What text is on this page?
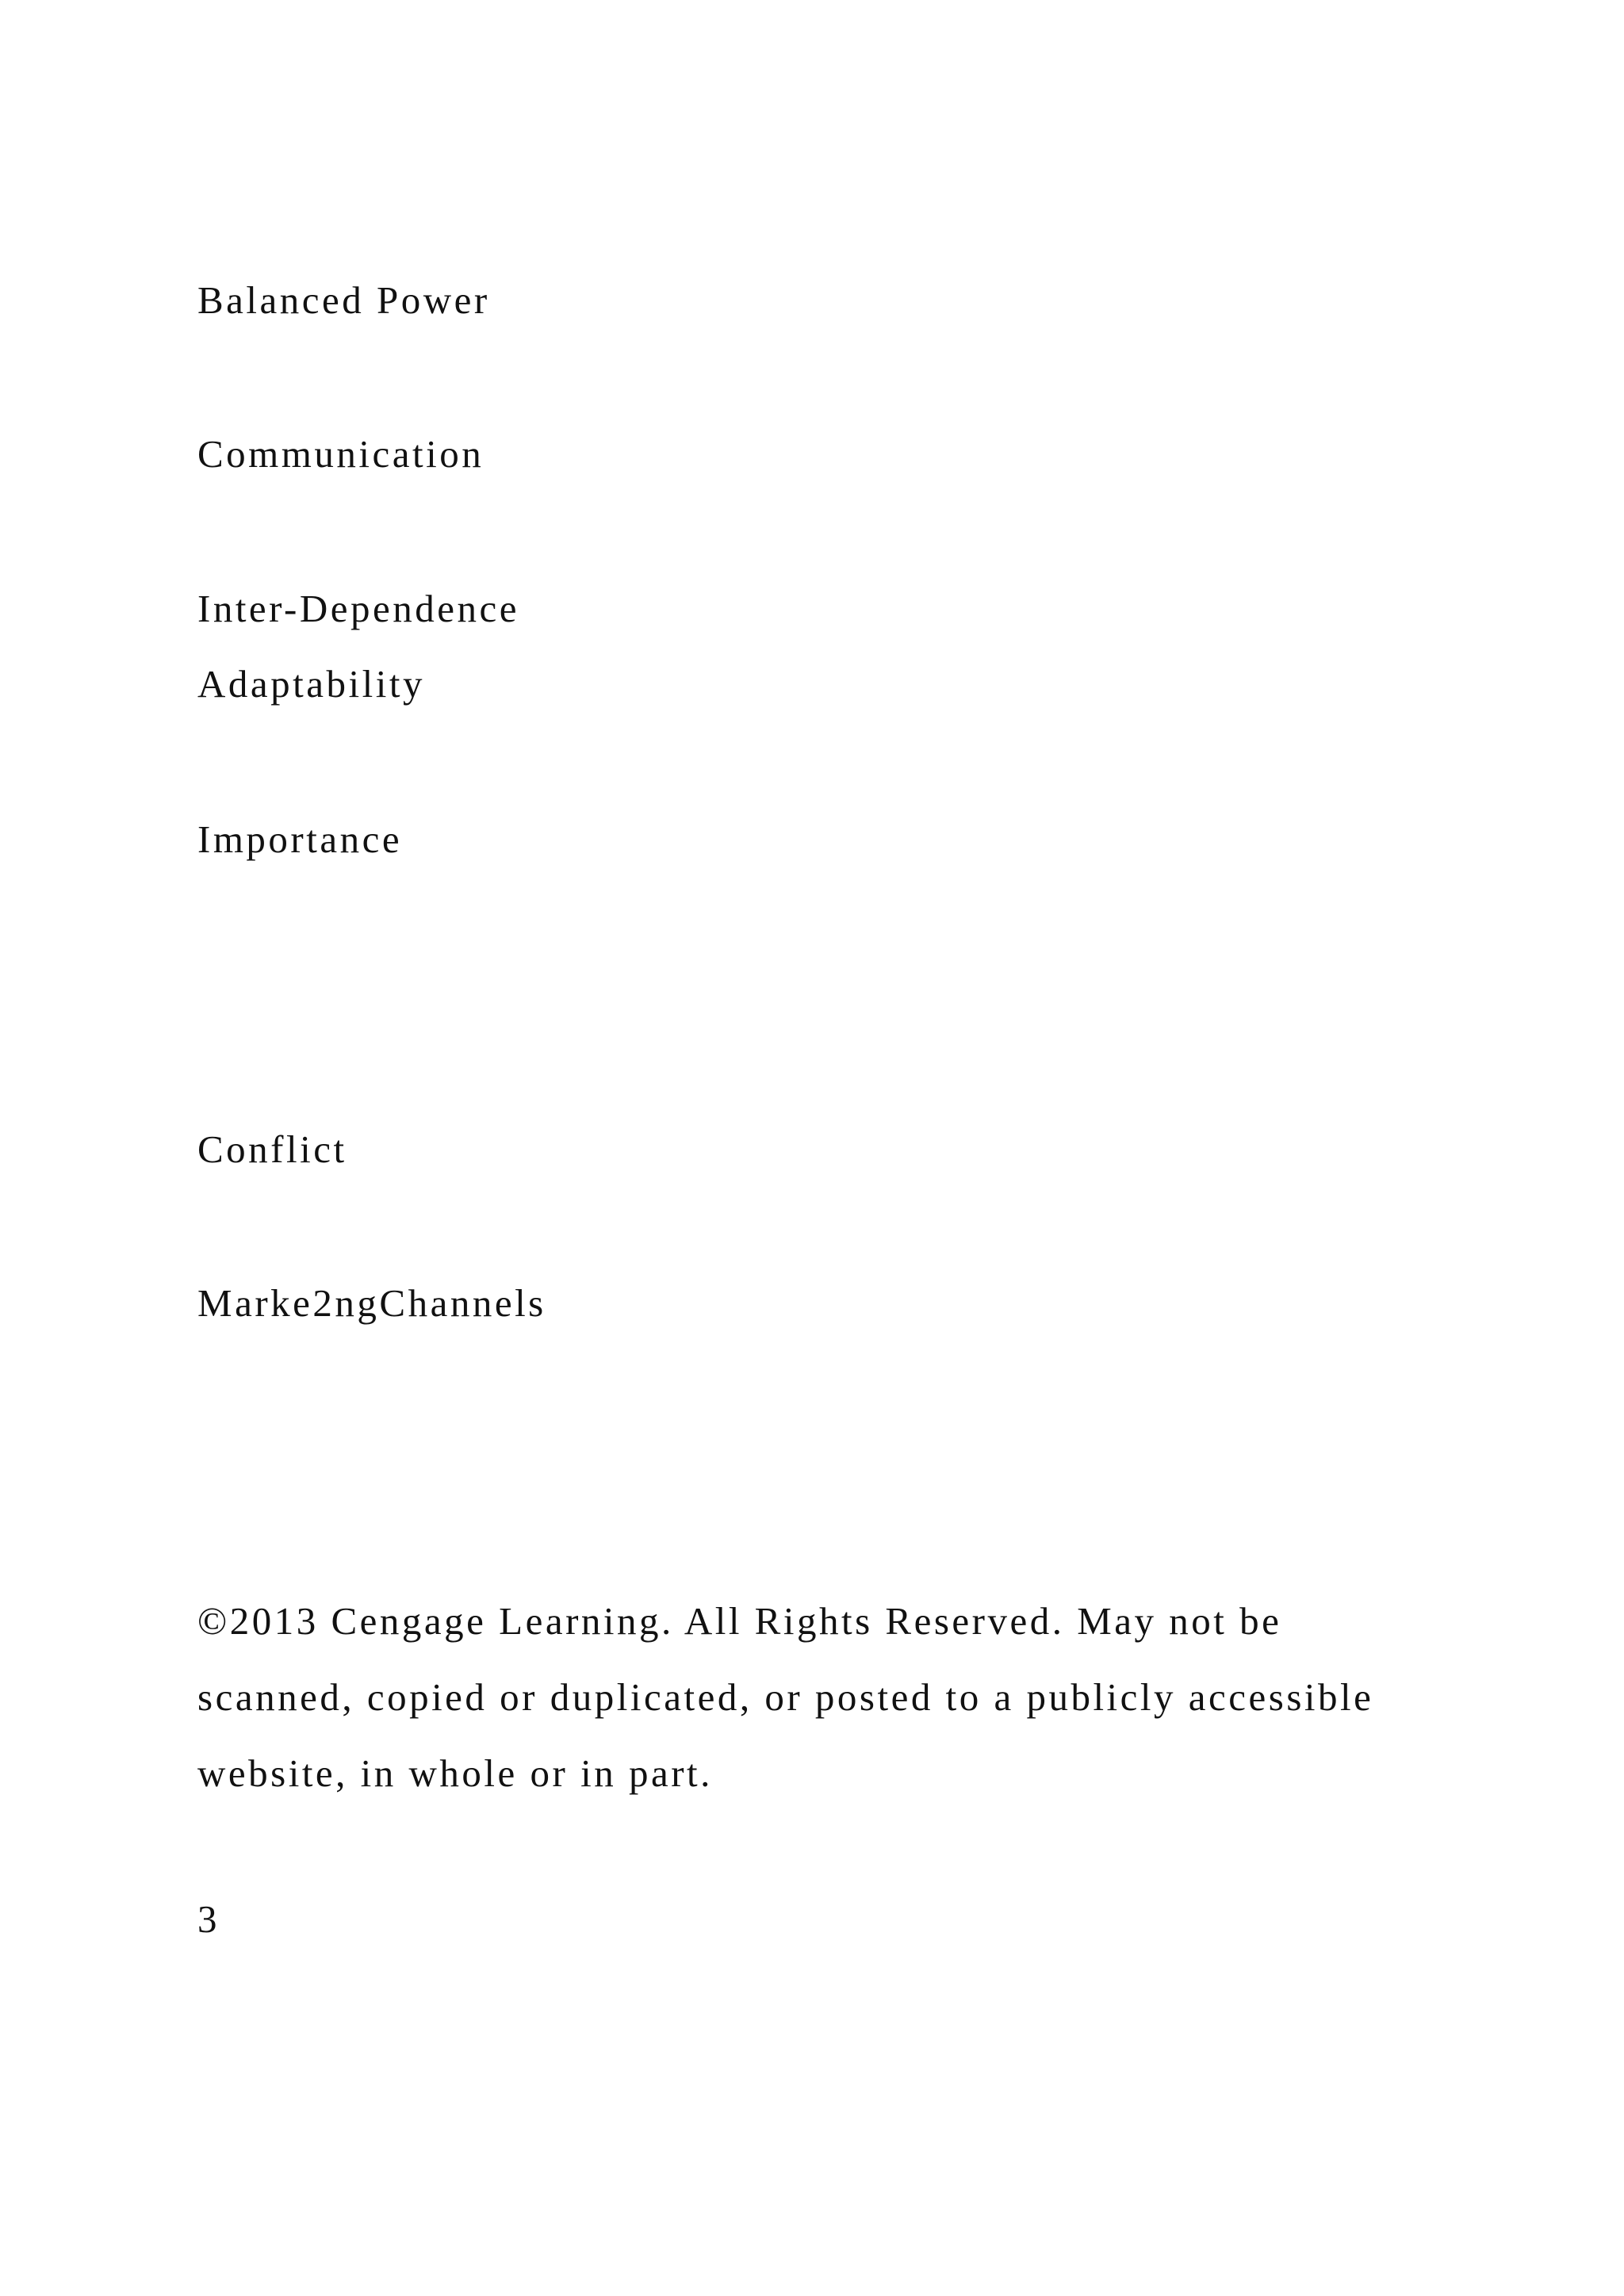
Balanced Power
Communication
Inter-Dependence
Adaptability
Importance
Conflict
Marke2ngChannels
©2013 Cengage Learning. All Rights Reserved. May not be
scanned, copied or duplicated, or posted to a publicly accessible
website, in whole or in part.
3
